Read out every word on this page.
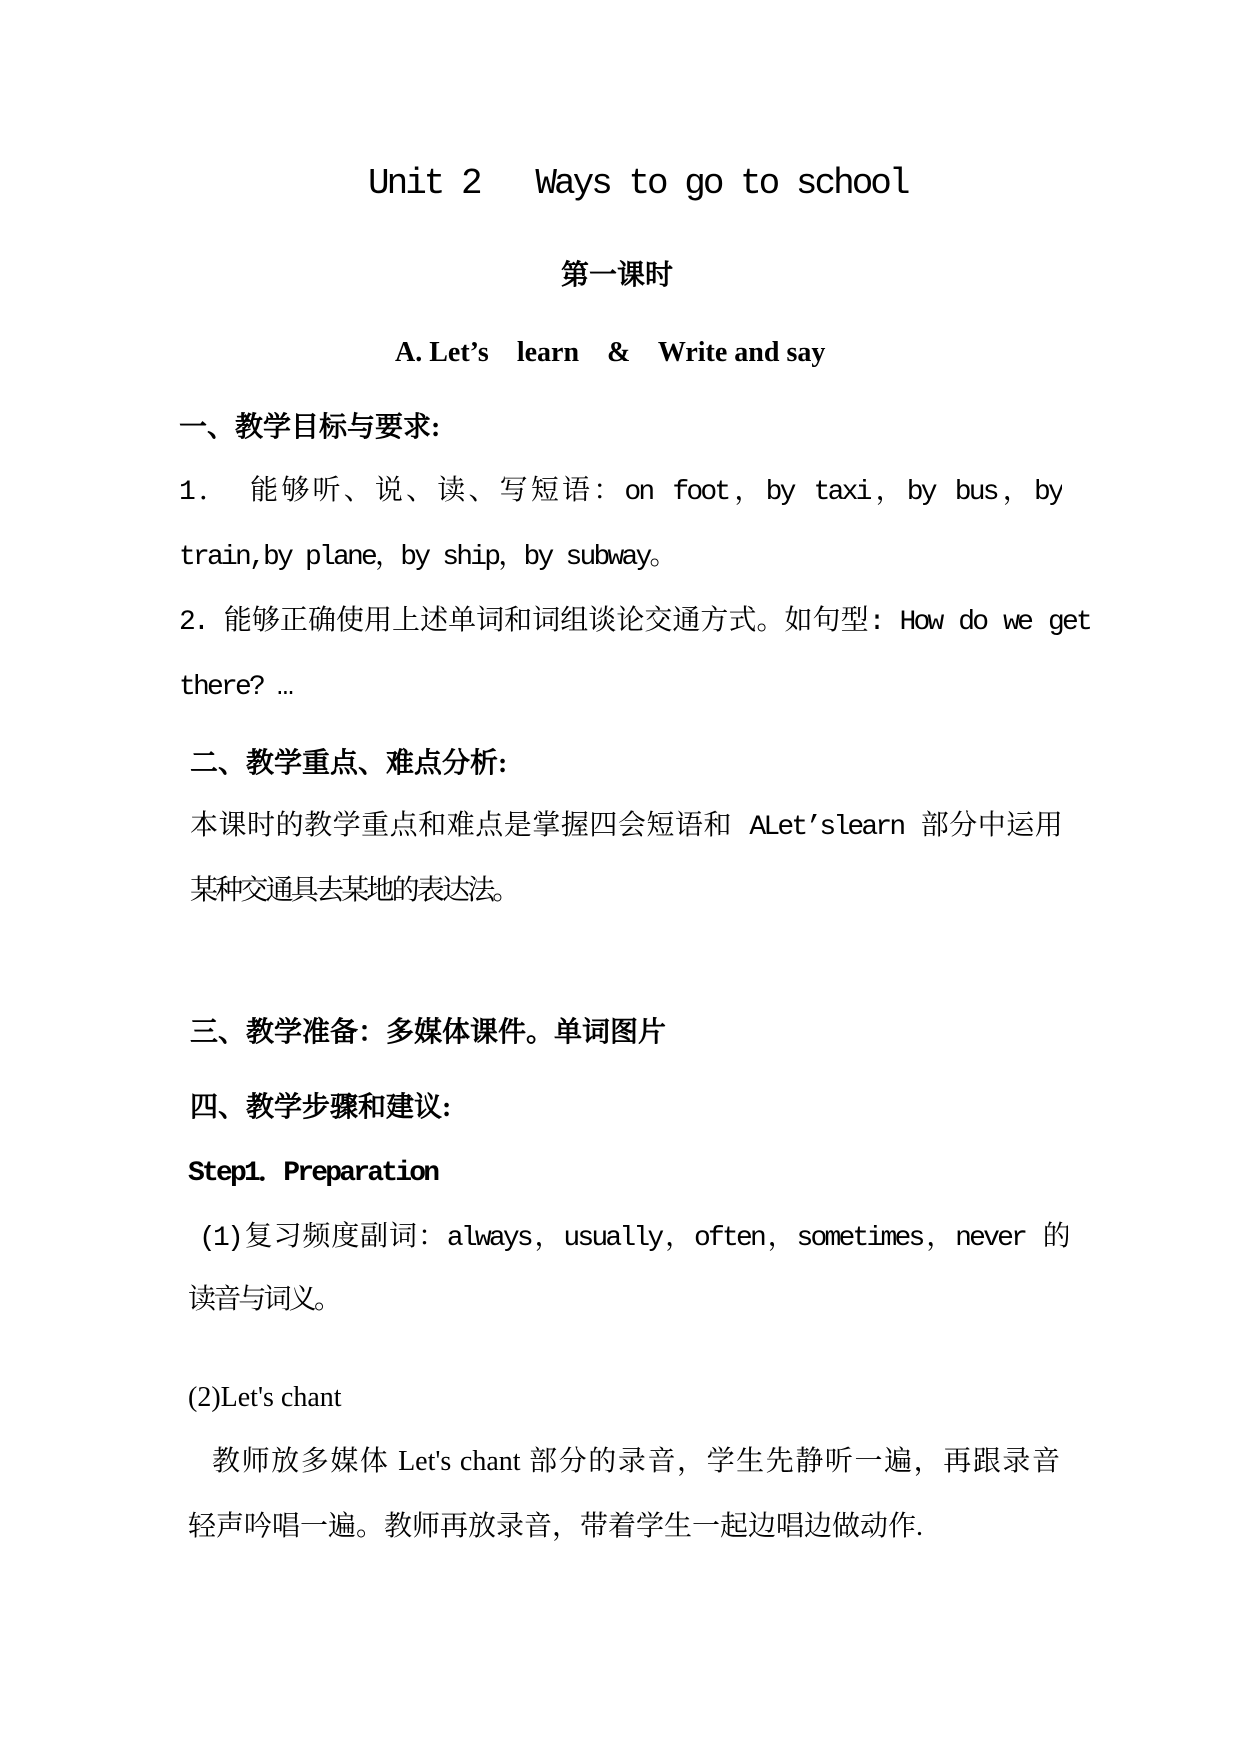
Unit 2   Ways to go to school
第一课时
A. Let’s    learn    &    Write and say
一、教学目标与要求:
1． 能够听、说、读、写短语：on foot，by taxi，by bus，by
train,by plane，by ship，by subway。
2. 能够正确使用上述单词和词组谈论交通方式。如句型: How do we get
there? …
二、教学重点、难点分析:
本课时的教学重点和难点是掌握四会短语和 ALet’slearn 部分中运用
某种交通具去某地的表达法。
三、教学准备：多媒体课件。单词图片
四、教学步骤和建议:
Step1．Preparation
(1)复习频度副词：always，usually，often，sometimes，never 的
读音与词义。
(2)Let's chant
教师放多媒体 Let's chant 部分的录音，学生先静听一遍，再跟录音
轻声吟唱一遍。教师再放录音，带着学生一起边唱边做动作.
